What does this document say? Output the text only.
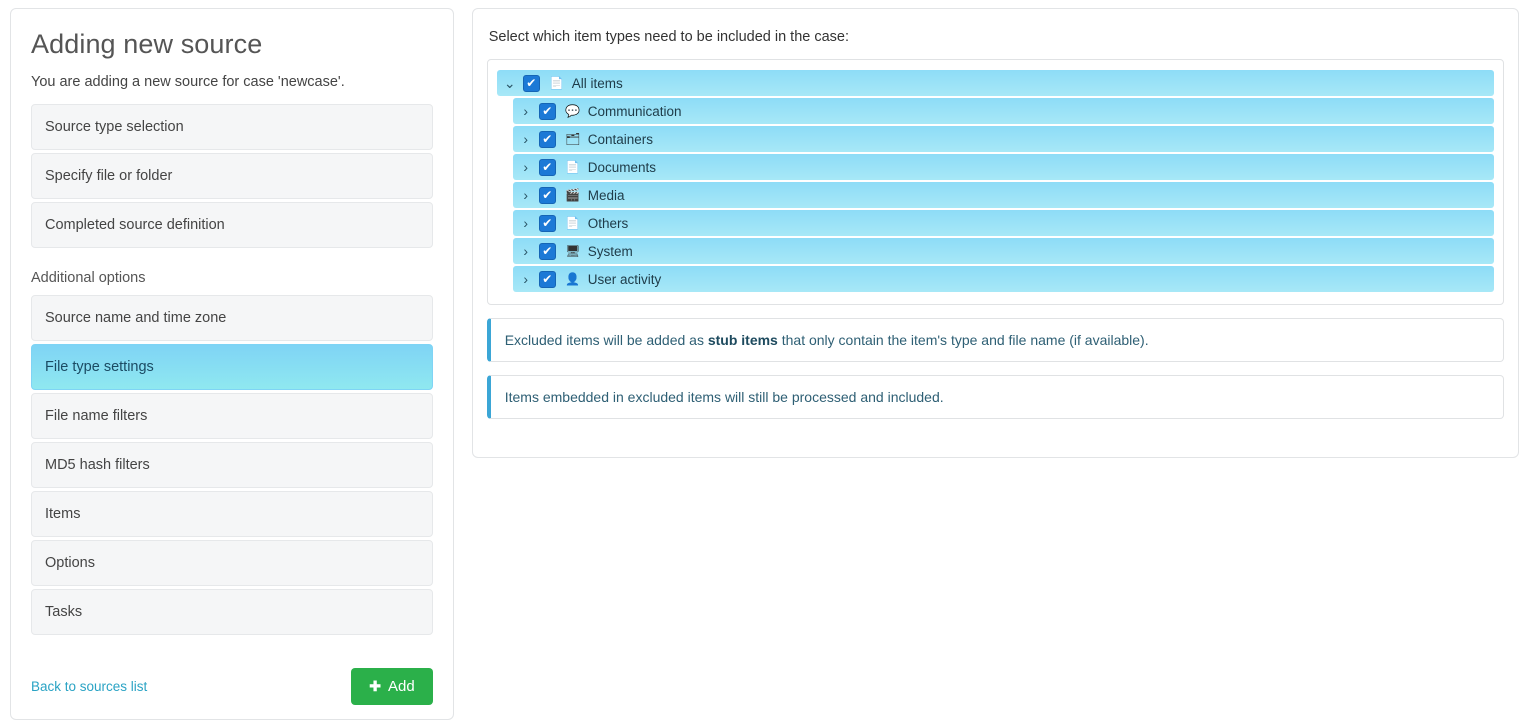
Adding new source
You are adding a new source for case 'newcase'.
Source type selection
Specify file or folder
Completed source definition
Additional options
Source name and time zone
File type settings
File name filters
MD5 hash filters
Items
Options
Tasks
Back to sources list	✚ Add
Select which item types need to be included in the case:
⌄ ✔ 📄 All items
›	✔ 💬 Communication
›	✔ 🗂 Containers
›	✔ 📄 Documents
›	✔ 🎬 Media
›	✔ 📄 Others
›	✔ 🖥 System
›	✔ 👤 User activity
Excluded items will be added as stub items that only contain the item's type and file name (if available).
Items embedded in excluded items will still be processed and included.
